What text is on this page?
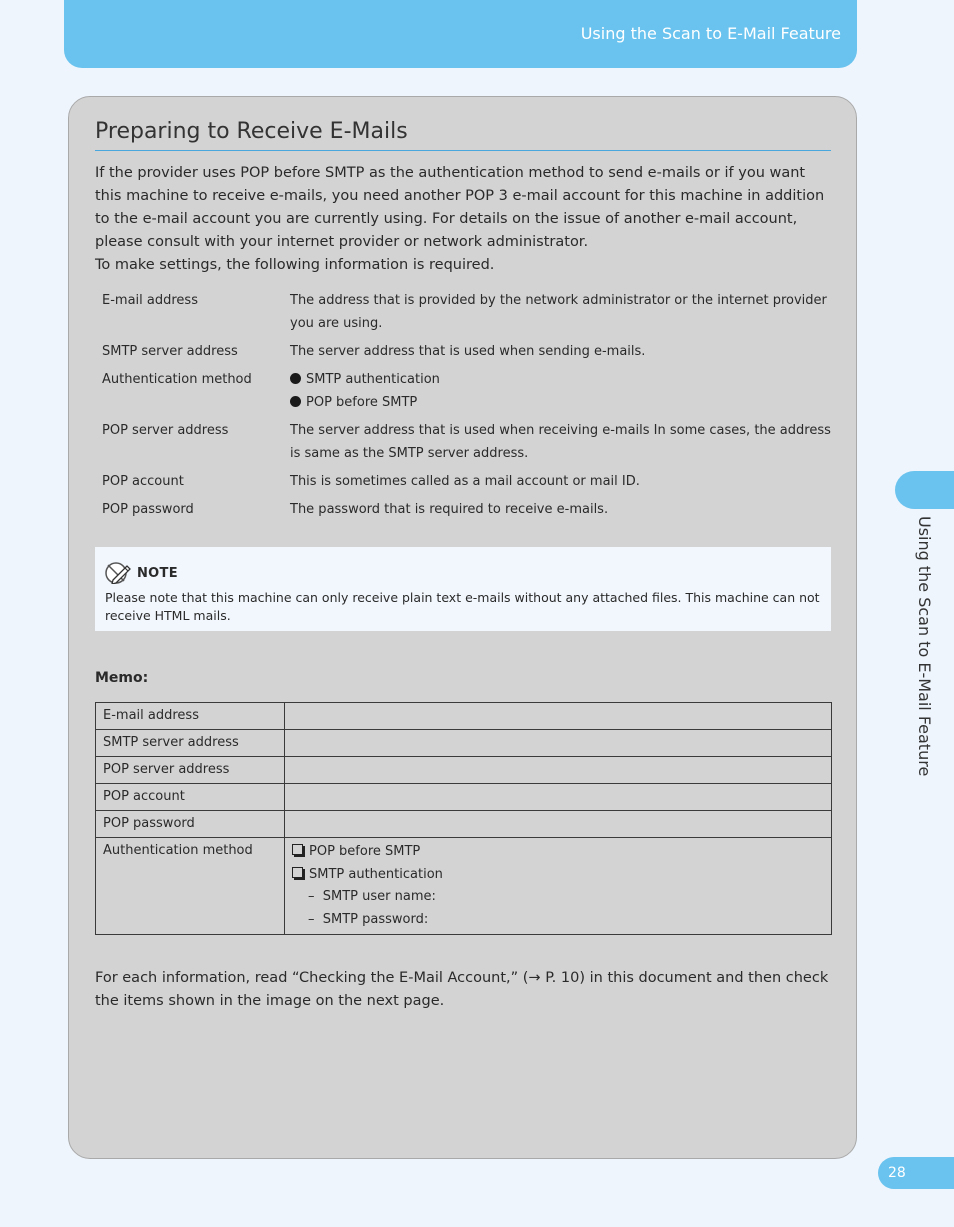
Using the Scan to E-Mail Feature
Using the Scan to E-Mail Feature
28
Preparing to Receive E-Mails

If the provider uses POP before SMTP as the authentication method to send e-mails or if you want this machine to receive e-mails, you need another POP 3 e-mail account for this machine in addition to the e-mail account you are currently using. For details on the issue of another e-mail account, please consult with your internet provider or network administrator.

To make settings, the following information is required.

E-mail address	The address that is provided by the network administrator or the internet provider you are using.
SMTP server address	The server address that is used when sending e-mails.
Authentication method	SMTP authentication
POP before SMTP

POP server address	The server address that is used when receiving e-mails In some cases, the address is same as the SMTP server address.
POP account	This is sometimes called as a mail account or mail ID.
POP password	The password that is required to receive e-mails.
NOTE
Please note that this machine can only receive plain text e-mails without any attached files. This machine can not receive HTML mails.
Memo:
E-mail address	
SMTP server address	
POP server address	
POP account	
POP password	
Authentication method	POP before SMTP
SMTP authentication
– SMTP user name:
– SMTP password:
For each information, read “Checking the E-Mail Account,” (→ P. 10) in this document and then check the items shown in the image on the next page.
